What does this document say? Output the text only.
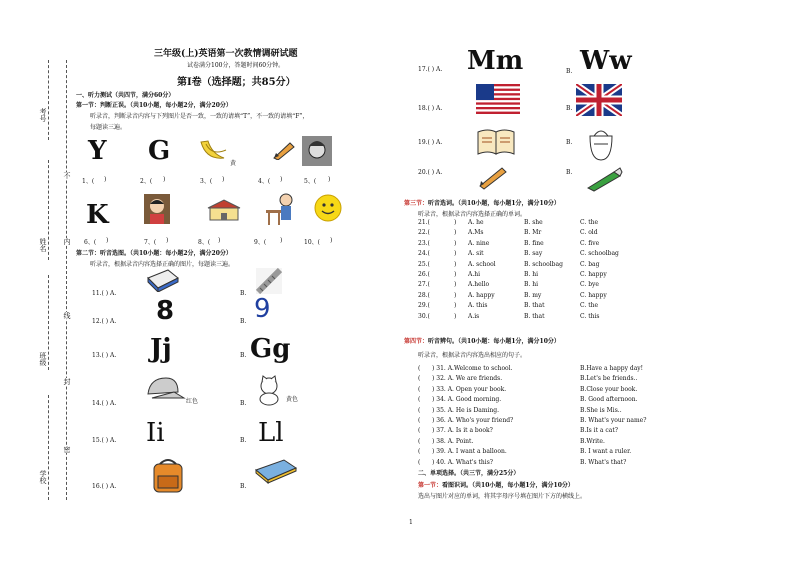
考号
姓名
班级
学校
不
内
线
封
密
三年级(上)英语第一次教情调研试题
试卷满分100分，答题时间60分钟。
第Ⅰ卷（选择题；共85分）
一、听力测试（共四节，满分60分）
第一节：判断正误。（共10小题，每小题2分，满分20分）
听录音，判断录音内容与下列图片是否一致，一致的请填“T”，不一致的请填“F”，
每题读三遍。
Y G	黄
1、( )	2、( )	3、( )	4、( )	5、( )
K
6、( )	7、( )	8、( )	9、( )	10、( )
第二节：听音选图。（共10小题：每小题2分，满分20分）
听录音，根据录音内容选择正确的图片，每题读三遍。
11.( ) A.	B.
12.( ) A. 8	B. 9
13.( ) A. Jj	B. Gg
14.( ) A.	红色	B.
黄色
15.( ) A. Ii	B. Ll
16.( ) A.	B.
17.( ) A. Mm	B. Ww
18.( ) A.	B.
19.( ) A.	B.
20.( ) A.	B.
第三节：听音选词。（共10小题，每小题1分，满分10分）
听录音，根据录音内容选择正确的单词。
21.(	) A. he	B. she	C. the
22.(	) A.Ms	B. Mr	C. old
23.(	) A. nine	B. fine	C. five
24.(	) A. sit	B. say	C. schoolbag
25.(	) A. school	B. schoolbag	C. bag
26.(	) A.hi	B. hi	C. happy
27.(	) A.hello	B. hi	C. bye
28.(	) A. happy	B. my	C. happy
29.(	) A. this	B. that	C. the
30.(	) A.is	B. that	C. this
第四节：听音辨句。（共10小题：每小题1分，满分10分）
听录音，根据录音内容选出相应的句子。
( ) 31. A.Welcome to school.	B.Have a happy day!
( ) 32. A. We are friends.	B.Let's be friends..
( ) 33. A. Open your book.	B.Close your book.
( ) 34. A. Good morning.	B. Good afternoon.
( ) 35. A. He is Daming.	B.She is Mis..
( ) 36. A. Who's your friend?	B. What's your name?
( ) 37. A. Is it a book?	B.Is it a cat?
( ) 38. A. Point.	B.Write.
( ) 39. A. I want a balloon.	B. I want a ruler.
( ) 40. A. What's this?	B. What's that?
二、单项选择。（共三节，满分25分）
第一节：看图识词。（共10小题，每小题1分，满分10分）
选出与图片对应的单词，将其字母序号填在图片下方的横线上。
1
